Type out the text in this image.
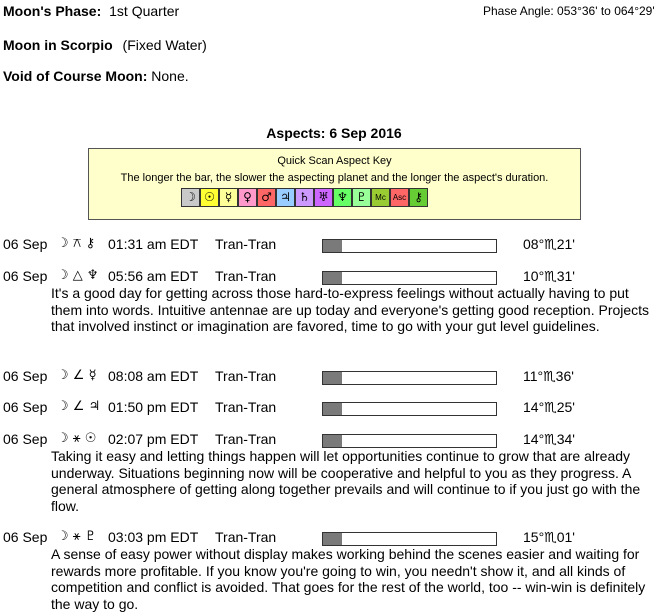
Moon's Phase: 1st Quarter	Phase Angle: 053°36' to 064°29'
Moon in Scorpio (Fixed Water)
Void of Course Moon: None.
Aspects: 6 Sep 2016
Quick Scan Aspect Key
The longer the bar, the slower the aspecting planet and the longer the aspect's duration.
☽ ☉ ☿ ♀ ♂ ♃ ♄ ♅ ♆ ♇	Mc Asc ⚷
06 Sep ☽ ⚻ ⚷ 01:31 am EDT Tran-Tran	08°♏21'
06 Sep ☽ △ ♆ 05:56 am EDT Tran-Tran	10°♏31'
It's a good day for getting across those hard-to-express feelings without actually having to put them into words. Intuitive antennae are up today and everyone's getting good reception. Projects that involved instinct or imagination are favored, time to go with your gut level guidelines.
06 Sep ☽ ∠ ☿ 08:08 am EDT Tran-Tran	11°♏36'
06 Sep ☽ ∠ ♃ 01:50 pm EDT Tran-Tran	14°♏25'
06 Sep ☽ ⚹ ☉ 02:07 pm EDT Tran-Tran	14°♏34'
Taking it easy and letting things happen will let opportunities continue to grow that are already underway. Situations beginning now will be cooperative and helpful to you as they progress. A general atmosphere of getting along together prevails and will continue to if you just go with the flow.
06 Sep ☽ ⚹ ♇ 03:03 pm EDT Tran-Tran	15°♏01'
A sense of easy power without display makes working behind the scenes easier and waiting for rewards more profitable. If you know you're going to win, you needn't show it, and all kinds of competition and conflict is avoided. That goes for the rest of the world, too -- win-win is definitely the way to go.
